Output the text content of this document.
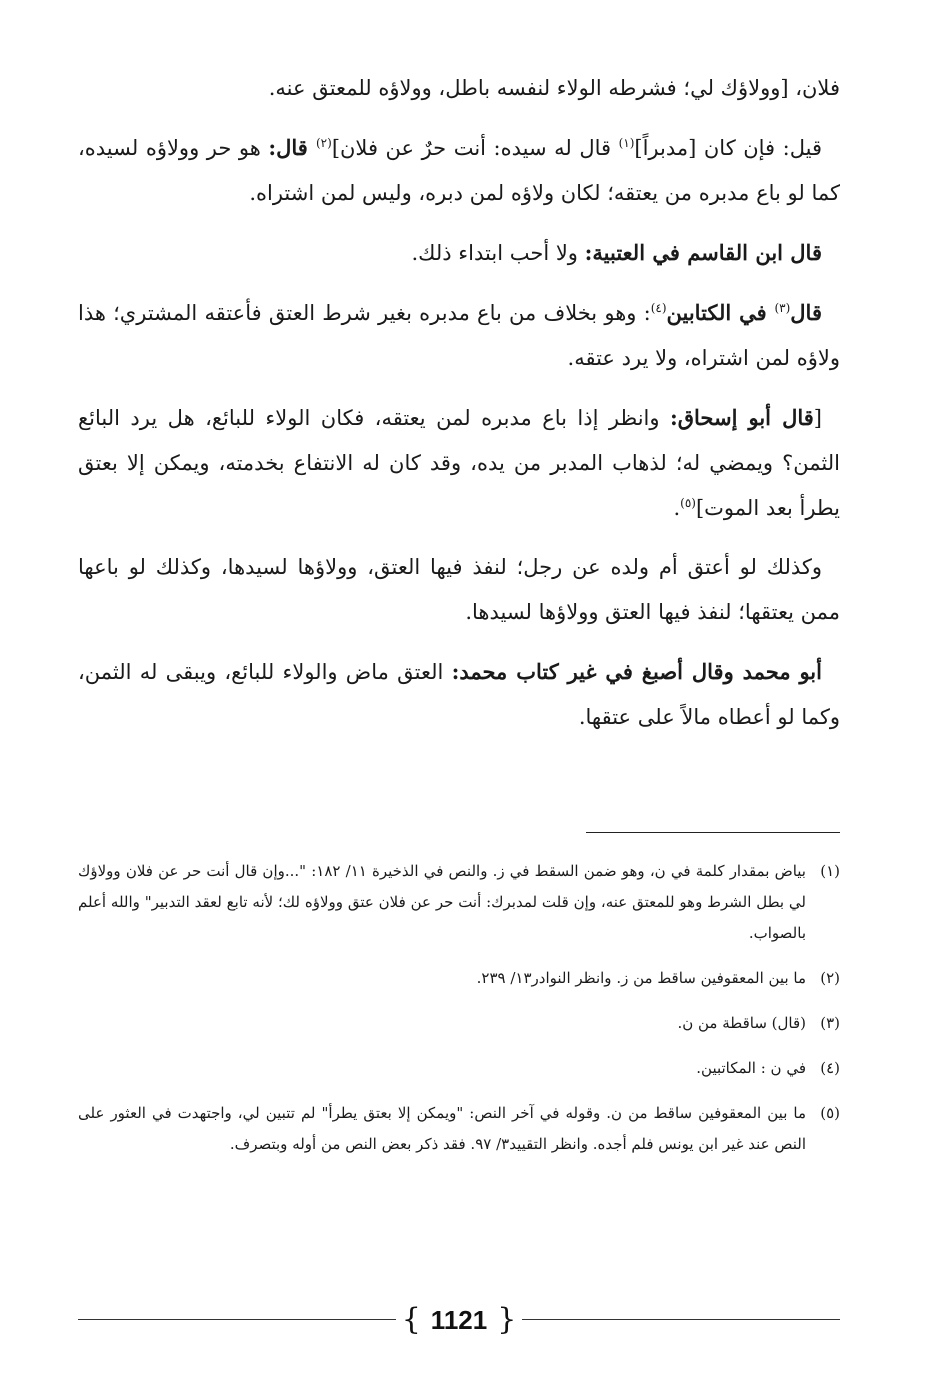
فلان، [وولاؤك لي؛ فشرطه الولاء لنفسه باطل، وولاؤه للمعتق عنه.

قيل: فإن كان [مدبراً]$^{(١)}$ قال له سيده: أنت حرٌ عن فلان]$^{(٢)}$ قال: هو حر وولاؤه لسيده، كما لو باع مدبره من يعتقه؛ لكان ولاؤه لمن دبره، وليس لمن اشتراه.

قال ابن القاسم في العتبية: ولا أحب ابتداء ذلك.

قال$^{(٣)}$ في الكتابين$^{(٤)}$: وهو بخلاف من باع مدبره بغير شرط العتق فأعتقه المشتري؛ هذا ولاؤه لمن اشتراه، ولا يرد عتقه.

[قال أبو إسحاق: وانظر إذا باع مدبره لمن يعتقه، فكان الولاء للبائع، هل يرد البائع الثمن؟ ويمضي له؛ لذهاب المدبر من يده، وقد كان له الانتفاع بخدمته، ويمكن إلا بعتق يطرأ بعد الموت]$^{(٥)}$.

وكذلك لو أعتق أم ولده عن رجل؛ لنفذ فيها العتق، وولاؤها لسيدها، وكذلك لو باعها ممن يعتقها؛ لنفذ فيها العتق وولاؤها لسيدها.

أبو محمد وقال أصبغ في غير كتاب محمد: العتق ماض والولاء للبائع، ويبقى له الثمن، وكما لو أعطاه مالاً على عتقها.

(١)
بياض بمقدار كلمة في ن، وهو ضمن السقط في ز. والنص في الذخيرة ١١/ ١٨٢: "...وإن قال أنت حر عن فلان وولاؤك لي بطل الشرط وهو للمعتق عنه، وإن قلت لمدبرك: أنت حر عن فلان عتق وولاؤه لك؛ لأنه تابع لعقد التدبير" والله أعلم بالصواب.
(٢)
ما بين المعقوفين ساقط من ز. وانظر النوادر١٣/ ٢٣٩.
(٣)
(قال) ساقطة من ن.
(٤)
في ن : المكاتبين.
(٥)
ما بين المعقوفين ساقط من ن. وقوله في آخر النص: "ويمكن إلا بعتق يطرأ" لم تتبين لي، واجتهدت في العثور على النص عند غير ابن يونس فلم أجده. وانظر التقييد٣/ ٩٧. فقد ذكر بعض النص من أوله وبتصرف.
{ 1121 }
